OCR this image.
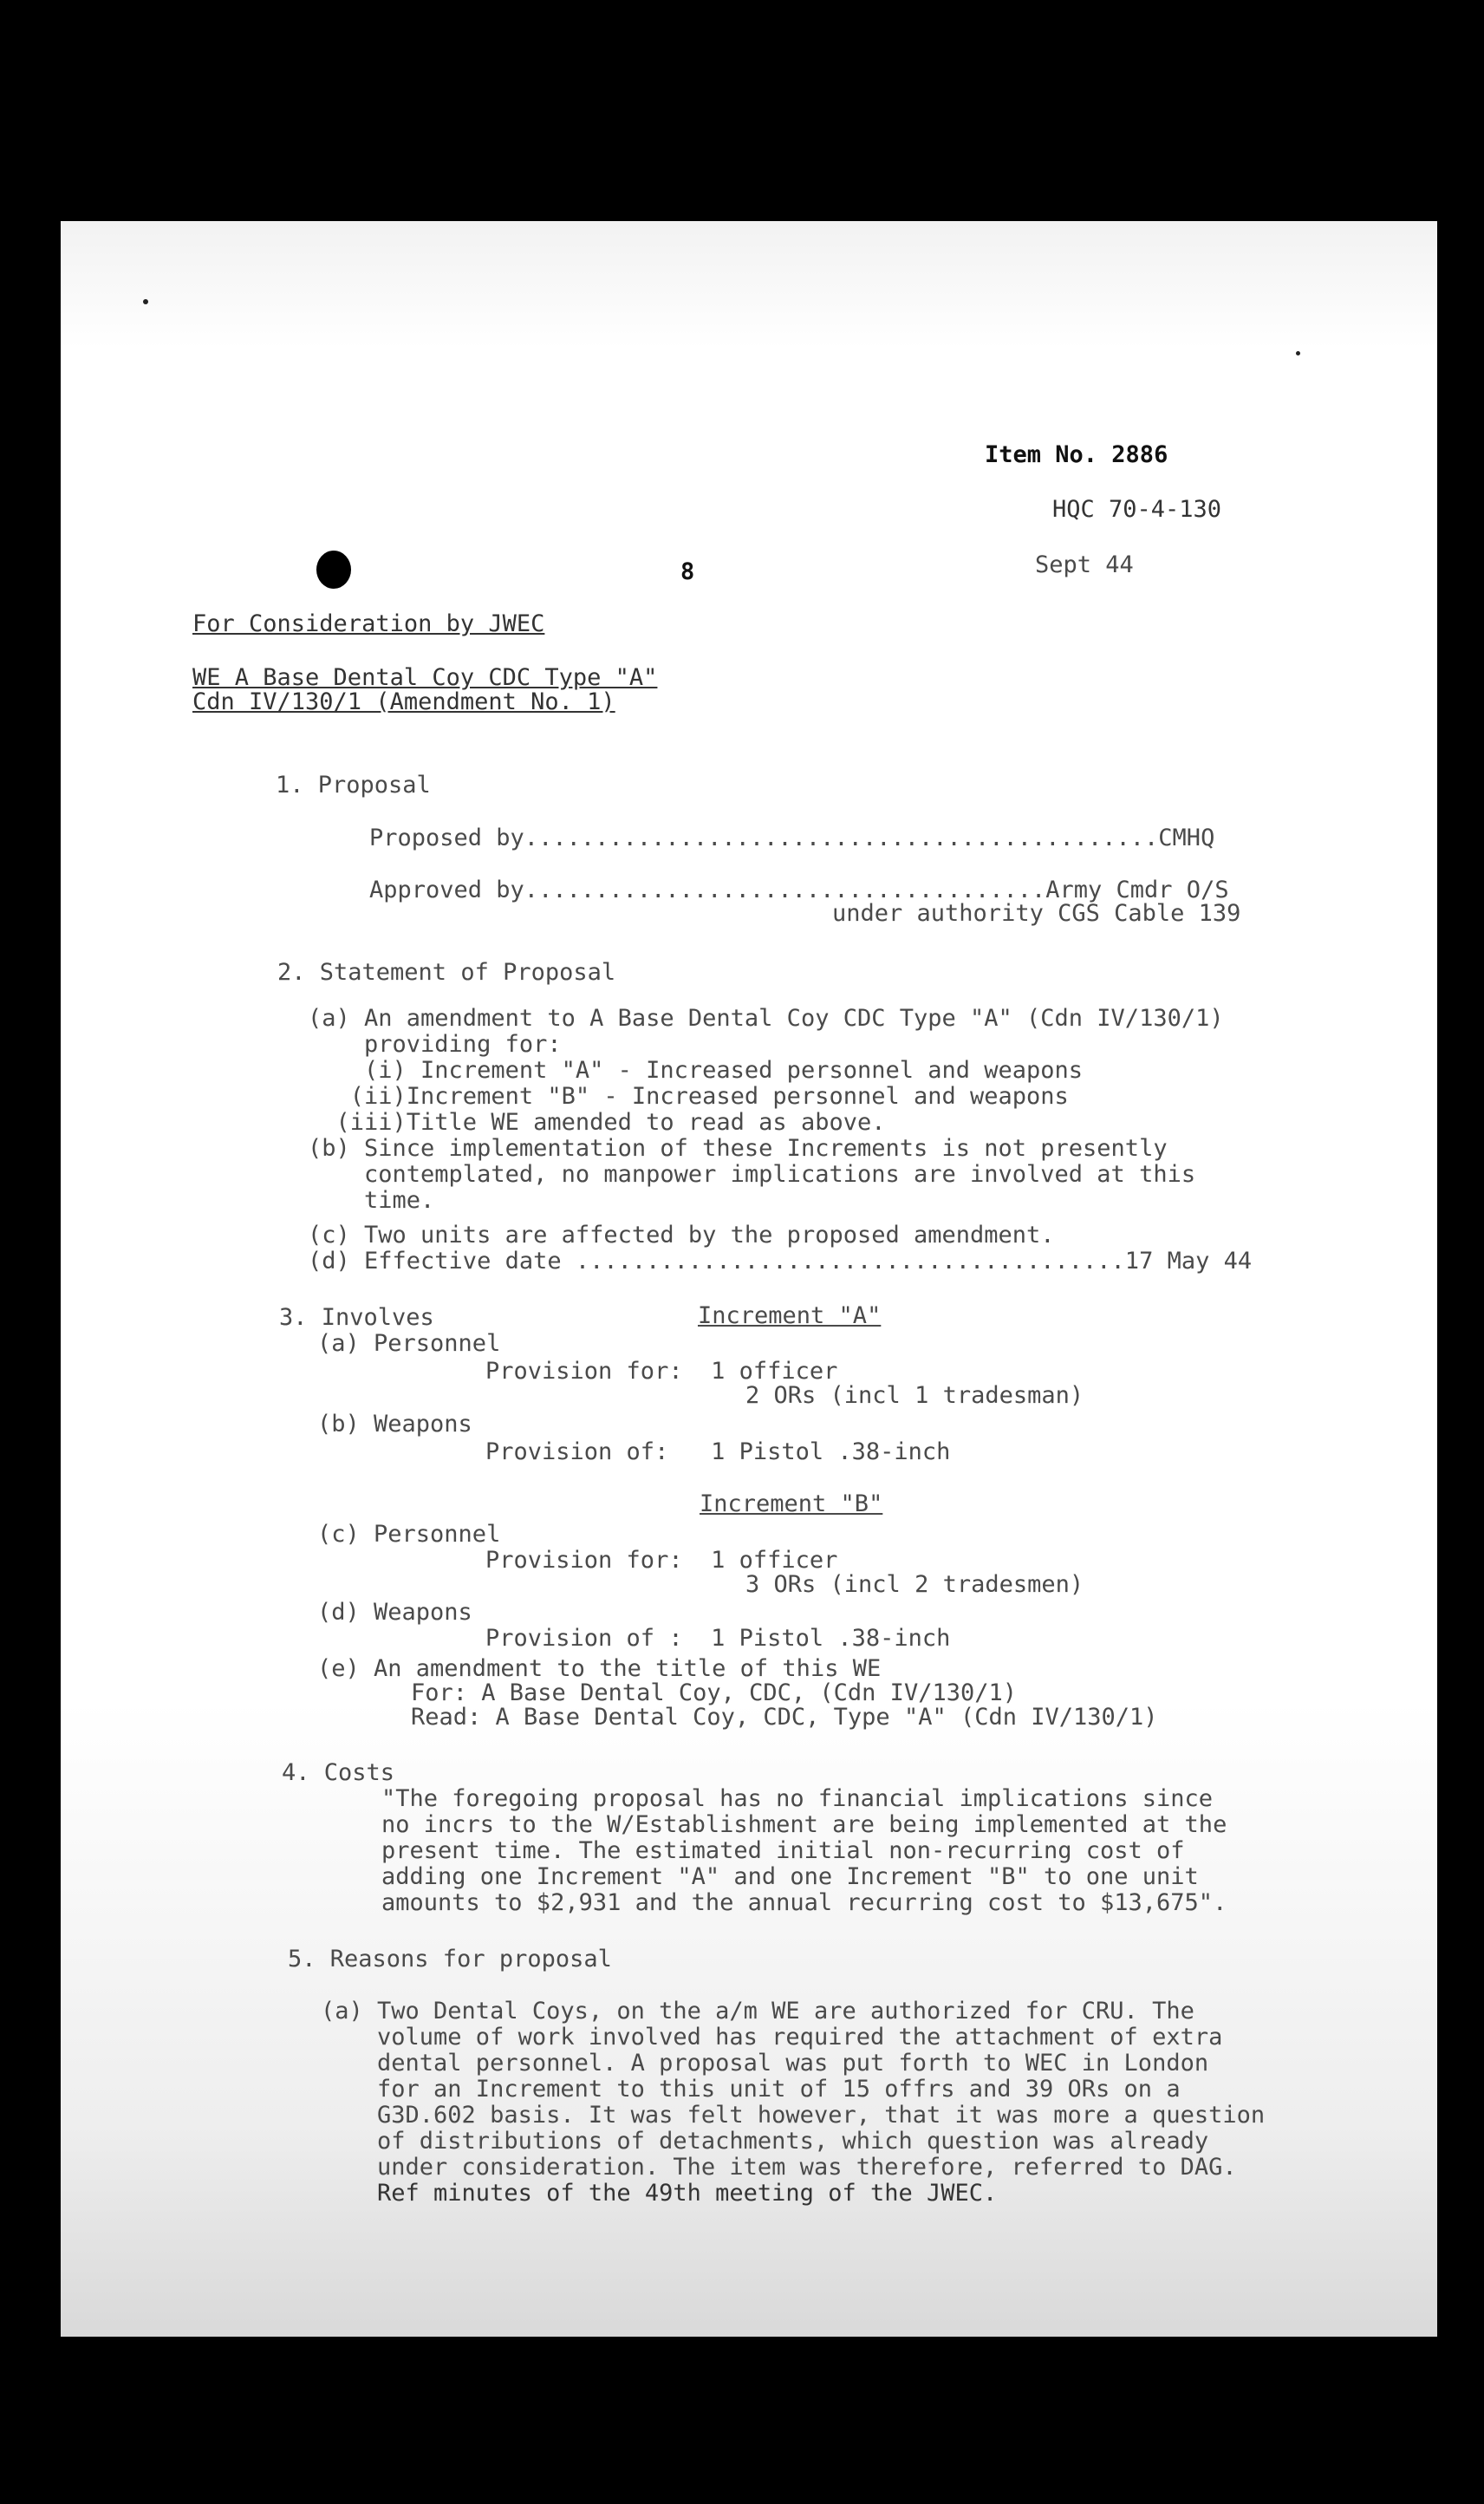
Item No. 2886
HQC 70-4-130
Sept 44
8
For Consideration by JWEC
WE A Base Dental Coy CDC Type "A"
Cdn IV/130/1 (Amendment No. 1)
1. Proposal
Proposed by.............................................CMHQ
Approved by.....................................Army Cmdr O/S
under authority CGS Cable 139
2. Statement of Proposal
(a) An amendment to A Base Dental Coy CDC Type "A" (Cdn IV/130/1)
providing for:
(i) Increment "A" - Increased personnel and weapons
(ii)Increment "B" - Increased personnel and weapons
(iii)Title WE amended to read as above.
(b) Since implementation of these Increments is not presently
contemplated, no manpower implications are involved at this
time.
(c) Two units are affected by the proposed amendment.
(d) Effective date .......................................17 May 44
3. Involves	Increment "A"
(a) Personnel
Provision for:  1 officer
2 ORs (incl 1 tradesman)
(b) Weapons
Provision of:   1 Pistol .38-inch
Increment "B"
(c) Personnel
Provision for:  1 officer
3 ORs (incl 2 tradesmen)
(d) Weapons
Provision of :  1 Pistol .38-inch
(e) An amendment to the title of this WE
For: A Base Dental Coy, CDC, (Cdn IV/130/1)
Read: A Base Dental Coy, CDC, Type "A" (Cdn IV/130/1)
4. Costs
"The foregoing proposal has no financial implications since
no incrs to the W/Establishment are being implemented at the
present time. The estimated initial non-recurring cost of
adding one Increment "A" and one Increment "B" to one unit
amounts to $2,931 and the annual recurring cost to $13,675".
5. Reasons for proposal
(a) Two Dental Coys, on the a/m WE are authorized for CRU. The
volume of work involved has required the attachment of extra
dental personnel. A proposal was put forth to WEC in London
for an Increment to this unit of 15 offrs and 39 ORs on a
G3D.602 basis. It was felt however, that it was more a question
of distributions of detachments, which question was already
under consideration. The item was therefore, referred to DAG.
Ref minutes of the 49th meeting of the JWEC.
